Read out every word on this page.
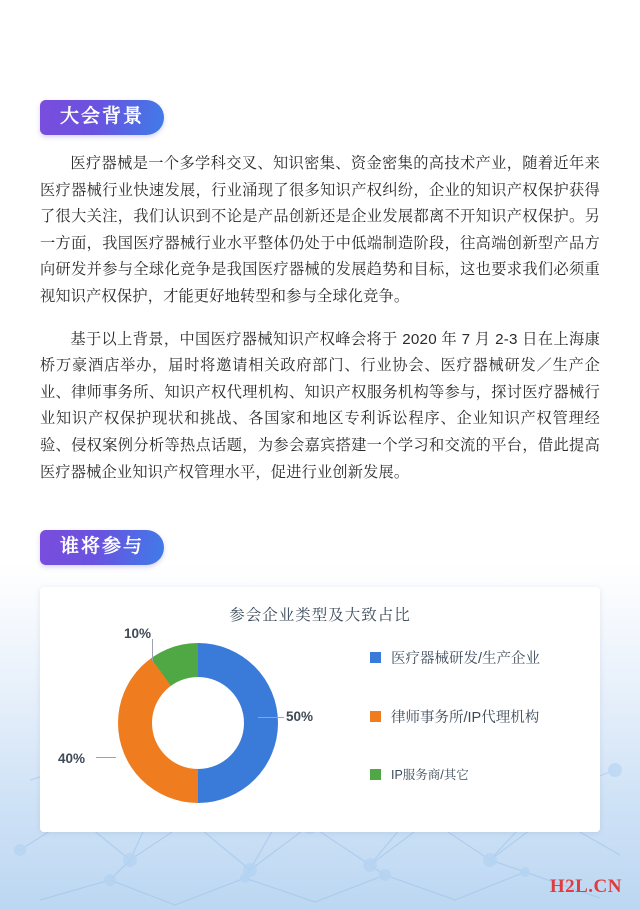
大会背景

医疗器械是一个多学科交叉、知识密集、资金密集的高技术产业，随着近年来医疗器械行业快速发展，行业涌现了很多知识产权纠纷，企业的知识产权保护获得了很大关注，我们认识到不论是产品创新还是企业发展都离不开知识产权保护。另一方面，我国医疗器械行业水平整体仍处于中低端制造阶段，往高端创新型产品方向研发并参与全球化竞争是我国医疗器械的发展趋势和目标，这也要求我们必须重视知识产权保护，才能更好地转型和参与全球化竞争。

基于以上背景，中国医疗器械知识产权峰会将于 2020 年 7 月 2-3 日在上海康桥万豪酒店举办，届时将邀请相关政府部门、行业协会、医疗器械研发／生产企业、律师事务所、知识产权代理机构、知识产权服务机构等参与，探讨医疗器械行业知识产权保护现状和挑战、各国家和地区专利诉讼程序、企业知识产权管理经验、侵权案例分析等热点话题，为参会嘉宾搭建一个学习和交流的平台，借此提高医疗器械企业知识产权管理水平，促进行业创新发展。

谁将参与
参会企业类型及大致占比
50%
40%
10%
医疗器械研发/生产企业
律师事务所/IP代理机构
IP服务商/其它
H2L.CN
